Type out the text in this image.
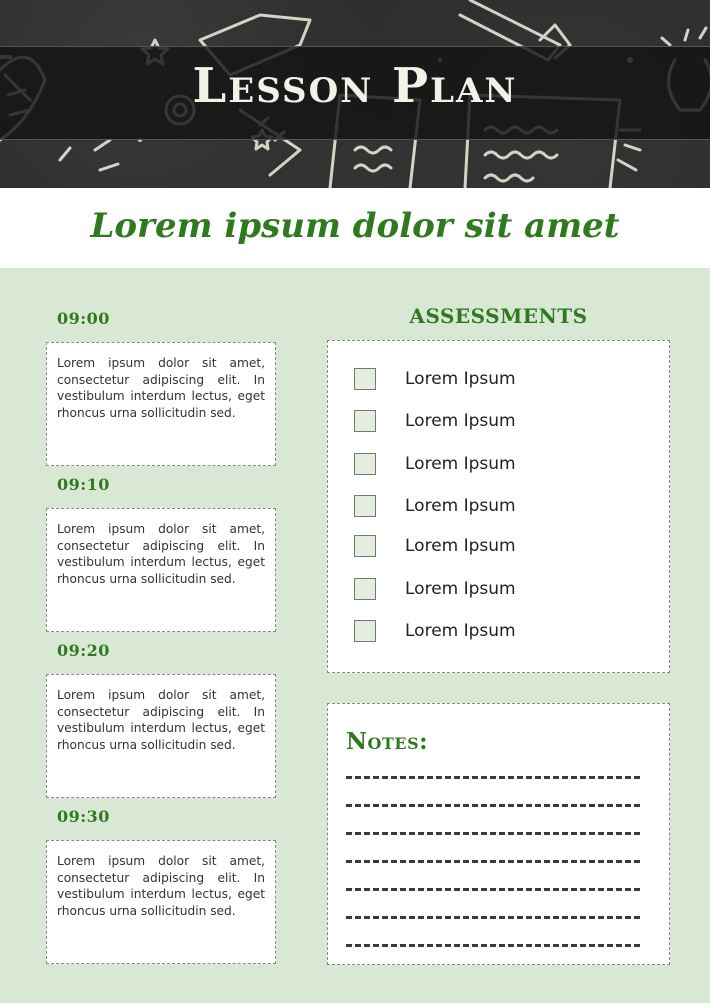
Lesson Plan
Lorem ipsum dolor sit amet
09:00

Lorem ipsum dolor sit amet, consectetur adipiscing elit. In vestibulum interdum lectus, eget rhoncus urna sollicitudin sed.

09:10

Lorem ipsum dolor sit amet, consectetur adipiscing elit. In vestibulum interdum lectus, eget rhoncus urna sollicitudin sed.

09:20

Lorem ipsum dolor sit amet, consectetur adipiscing elit. In vestibulum interdum lectus, eget rhoncus urna sollicitudin sed.

09:30

Lorem ipsum dolor sit amet, consectetur adipiscing elit. In vestibulum interdum lectus, eget rhoncus urna sollicitudin sed.

ASSESSMENTS
Lorem Ipsum
Lorem Ipsum
Lorem Ipsum
Lorem Ipsum
Lorem Ipsum
Lorem Ipsum
Lorem Ipsum
Notes:
